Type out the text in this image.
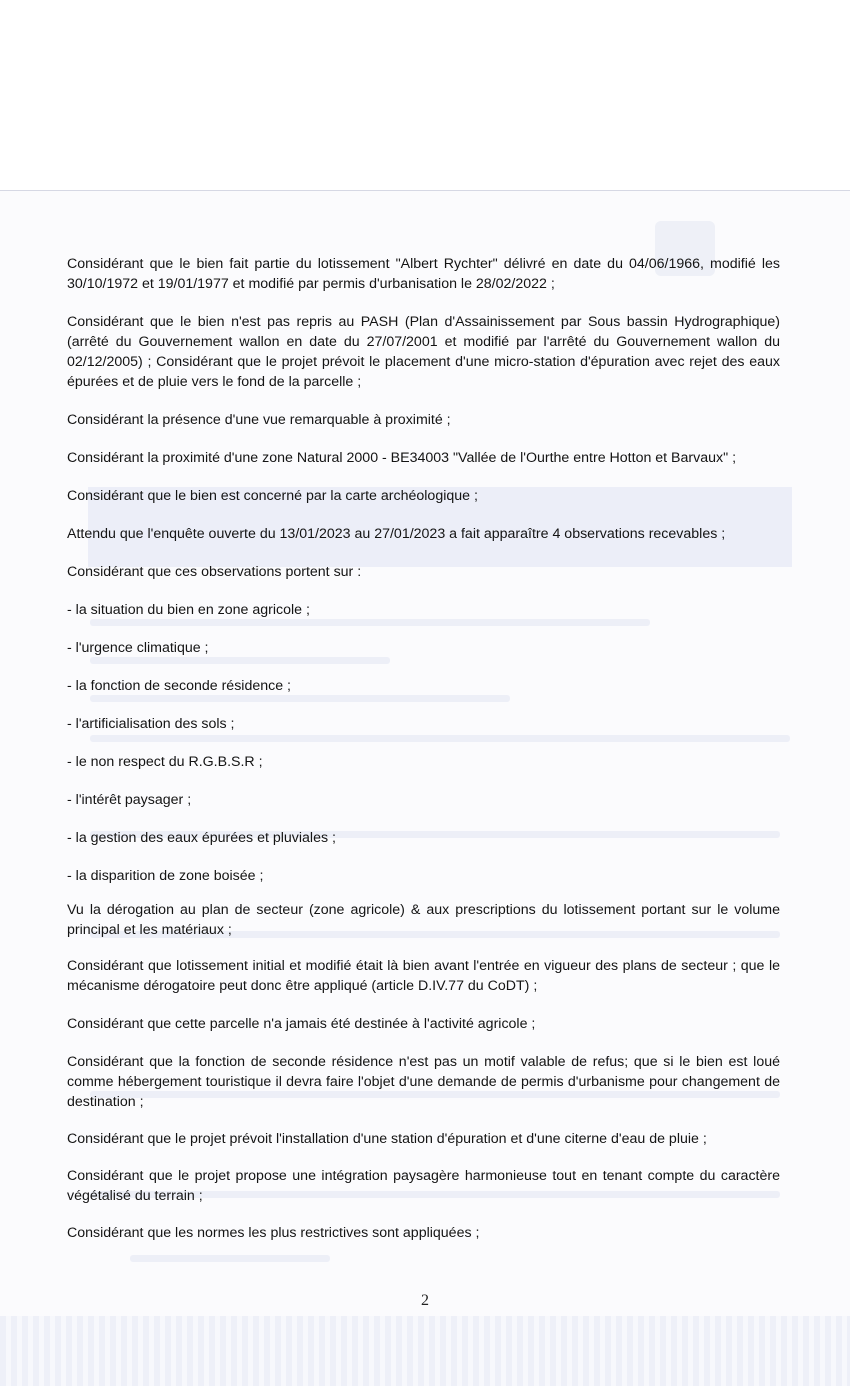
Considérant que le bien fait partie du lotissement "Albert Rychter" délivré en date du 04/06/1966, modifié les 30/10/1972 et 19/01/1977 et modifié par permis d'urbanisation le 28/02/2022 ;

Considérant que le bien n'est pas repris au PASH (Plan d'Assainissement par Sous bassin Hydrographique) (arrêté du Gouvernement wallon en date du 27/07/2001 et modifié par l'arrêté du Gouvernement wallon du 02/12/2005) ; Considérant que le projet prévoit le placement d'une micro-station d'épuration avec rejet des eaux épurées et de pluie vers le fond de la parcelle ;

Considérant la présence d'une vue remarquable à proximité ;

Considérant la proximité d'une zone Natural 2000 - BE34003 "Vallée de l'Ourthe entre Hotton et Barvaux" ;

Considérant que le bien est concerné par la carte archéologique ;

Attendu que l'enquête ouverte du 13/01/2023 au 27/01/2023 a fait apparaître 4 observations recevables ;

Considérant que ces observations portent sur :

- la situation du bien en zone agricole ;

- l'urgence climatique ;

- la fonction de seconde résidence ;

- l'artificialisation des sols ;

- le non respect du R.G.B.S.R ;

- l'intérêt paysager ;

- la gestion des eaux épurées et pluviales ;

- la disparition de zone boisée ;

Vu la dérogation au plan de secteur (zone agricole) & aux prescriptions du lotissement portant sur le volume principal et les matériaux ;

Considérant que lotissement initial et modifié était là bien avant l'entrée en vigueur des plans de secteur ; que le mécanisme dérogatoire peut donc être appliqué (article D.IV.77 du CoDT) ;

Considérant que cette parcelle n'a jamais été destinée à l'activité agricole ;

Considérant que la fonction de seconde résidence n'est pas un motif valable de refus; que si le bien est loué comme hébergement touristique il devra faire l'objet d'une demande de permis d'urbanisme pour changement de destination ;

Considérant que le projet prévoit l'installation d'une station d'épuration et d'une citerne d'eau de pluie ;

Considérant que le projet propose une intégration paysagère harmonieuse tout en tenant compte du caractère végétalisé du terrain ;

Considérant que les normes les plus restrictives sont appliquées ;

2
